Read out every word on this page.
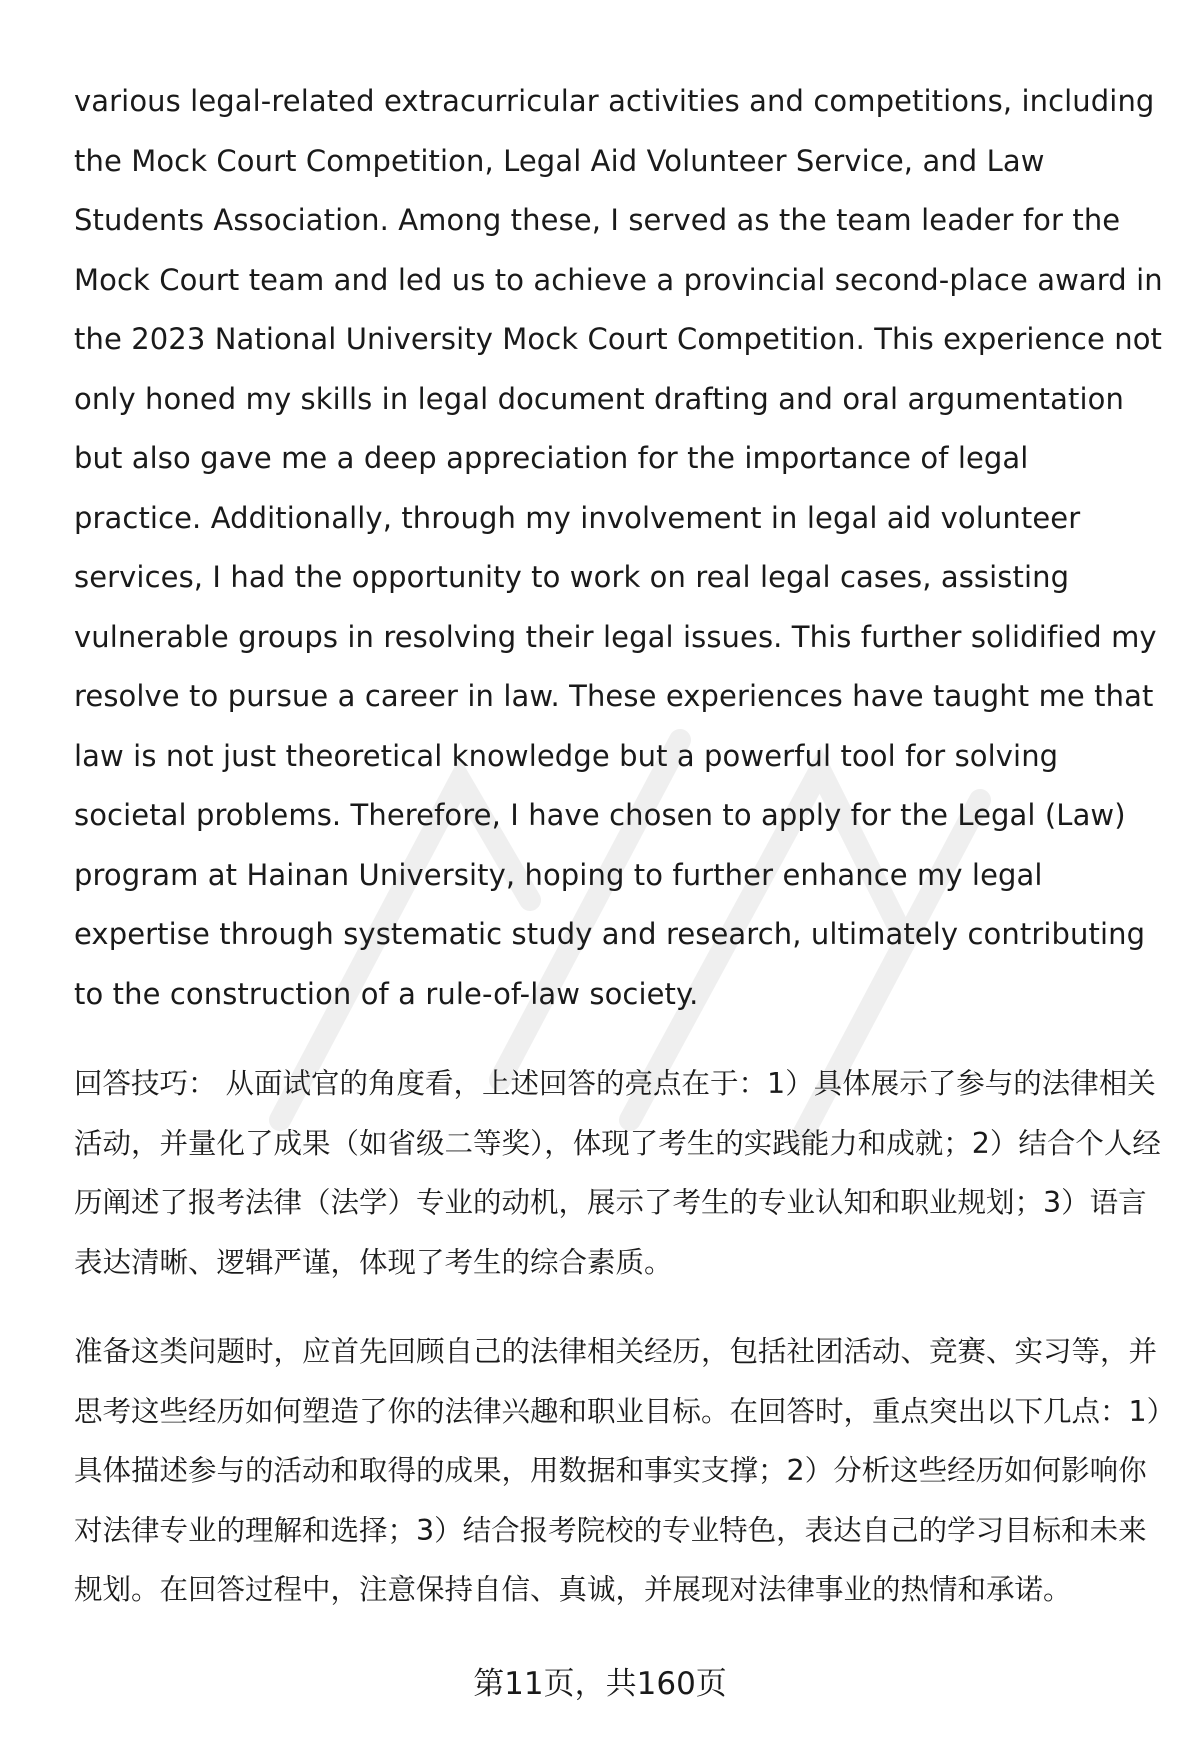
various legal-related extracurricular activities and competitions, including the Mock Court Competition, Legal Aid Volunteer Service, and Law Students Association. Among these, I served as the team leader for the Mock Court team and led us to achieve a provincial second-place award in the 2023 National University Mock Court Competition. This experience not only honed my skills in legal document drafting and oral argumentation but also gave me a deep appreciation for the importance of legal practice. Additionally, through my involvement in legal aid volunteer services, I had the opportunity to work on real legal cases, assisting vulnerable groups in resolving their legal issues. This further solidified my resolve to pursue a career in law. These experiences have taught me that law is not just theoretical knowledge but a powerful tool for solving societal problems. Therefore, I have chosen to apply for the Legal (Law) program at Hainan University, hoping to further enhance my legal expertise through systematic study and research, ultimately contributing to the construction of a rule-of-law society.

回答技巧： 从面试官的角度看，上述回答的亮点在于：1）具体展示了参与的法律相关活动，并量化了成果（如省级二等奖），体现了考生的实践能力和成就；2）结合个人经历阐述了报考法律（法学）专业的动机，展示了考生的专业认知和职业规划；3）语言表达清晰、逻辑严谨，体现了考生的综合素质。

准备这类问题时，应首先回顾自己的法律相关经历，包括社团活动、竞赛、实习等，并思考这些经历如何塑造了你的法律兴趣和职业目标。在回答时，重点突出以下几点：1）具体描述参与的活动和取得的成果，用数据和事实支撑；2）分析这些经历如何影响你对法律专业的理解和选择；3）结合报考院校的专业特色，表达自己的学习目标和未来规划。在回答过程中，注意保持自信、真诚，并展现对法律事业的热情和承诺。

第11页，共160页
